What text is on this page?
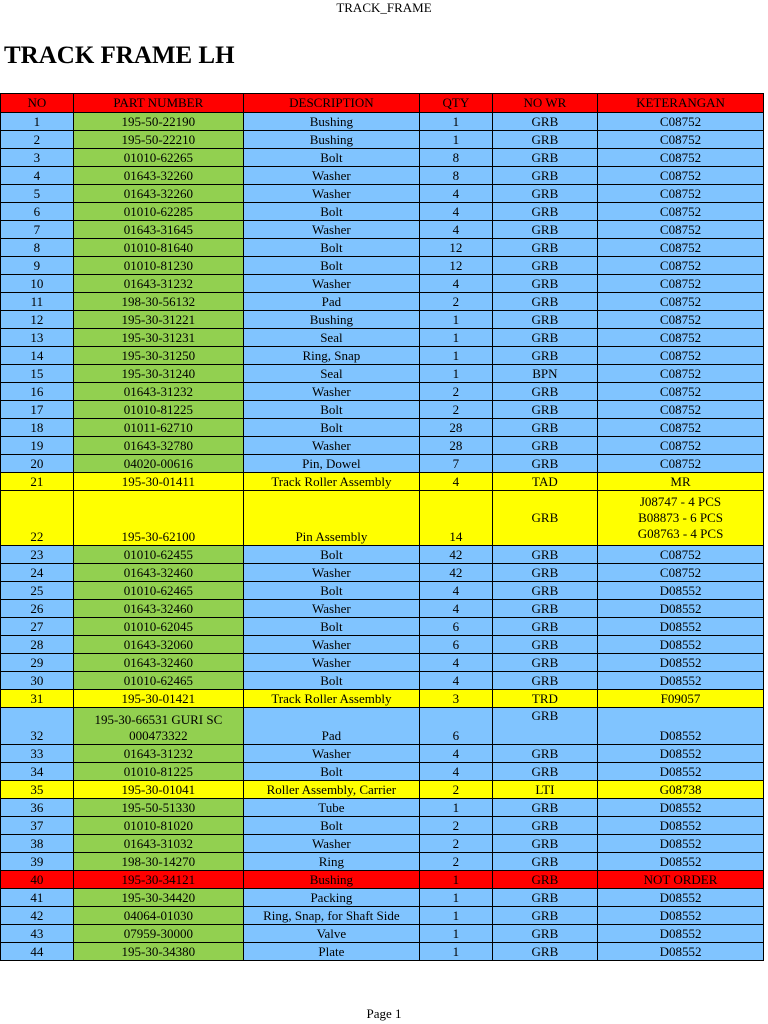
TRACK_FRAME
TRACK FRAME LH
NO	PART NUMBER	DESCRIPTION	QTY	NO WR	KETERANGAN
1	195-50-22190	Bushing	1	GRB	C08752
2	195-50-22210	Bushing	1	GRB	C08752
3	01010-62265	Bolt	8	GRB	C08752
4	01643-32260	Washer	8	GRB	C08752
5	01643-32260	Washer	4	GRB	C08752
6	01010-62285	Bolt	4	GRB	C08752
7	01643-31645	Washer	4	GRB	C08752
8	01010-81640	Bolt	12	GRB	C08752
9	01010-81230	Bolt	12	GRB	C08752
10	01643-31232	Washer	4	GRB	C08752
11	198-30-56132	Pad	2	GRB	C08752
12	195-30-31221	Bushing	1	GRB	C08752
13	195-30-31231	Seal	1	GRB	C08752
14	195-30-31250	Ring, Snap	1	GRB	C08752
15	195-30-31240	Seal	1	BPN	C08752
16	01643-31232	Washer	2	GRB	C08752
17	01010-81225	Bolt	2	GRB	C08752
18	01011-62710	Bolt	28	GRB	C08752
19	01643-32780	Washer	28	GRB	C08752
20	04020-00616	Pin, Dowel	7	GRB	C08752
21	195-30-01411	Track Roller Assembly	4	TAD	MR
22	195-30-62100	Pin Assembly	14	GRB	J08747 - 4 PCS
B08873 - 6 PCS
G08763 - 4 PCS
23	01010-62455	Bolt	42	GRB	C08752
24	01643-32460	Washer	42	GRB	C08752
25	01010-62465	Bolt	4	GRB	D08552
26	01643-32460	Washer	4	GRB	D08552
27	01010-62045	Bolt	6	GRB	D08552
28	01643-32060	Washer	6	GRB	D08552
29	01643-32460	Washer	4	GRB	D08552
30	01010-62465	Bolt	4	GRB	D08552
31	195-30-01421	Track Roller Assembly	3	TRD	F09057
32	195-30-66531 GURI SC 000473322	Pad	6	GRB	D08552
33	01643-31232	Washer	4	GRB	D08552
34	01010-81225	Bolt	4	GRB	D08552
35	195-30-01041	Roller Assembly, Carrier	2	LTI	G08738
36	195-50-51330	Tube	1	GRB	D08552
37	01010-81020	Bolt	2	GRB	D08552
38	01643-31032	Washer	2	GRB	D08552
39	198-30-14270	Ring	2	GRB	D08552
40	195-30-34121	Bushing	1	GRB	NOT ORDER
41	195-30-34420	Packing	1	GRB	D08552
42	04064-01030	Ring, Snap, for Shaft Side	1	GRB	D08552
43	07959-30000	Valve	1	GRB	D08552
44	195-30-34380	Plate	1	GRB	D08552
Page 1
